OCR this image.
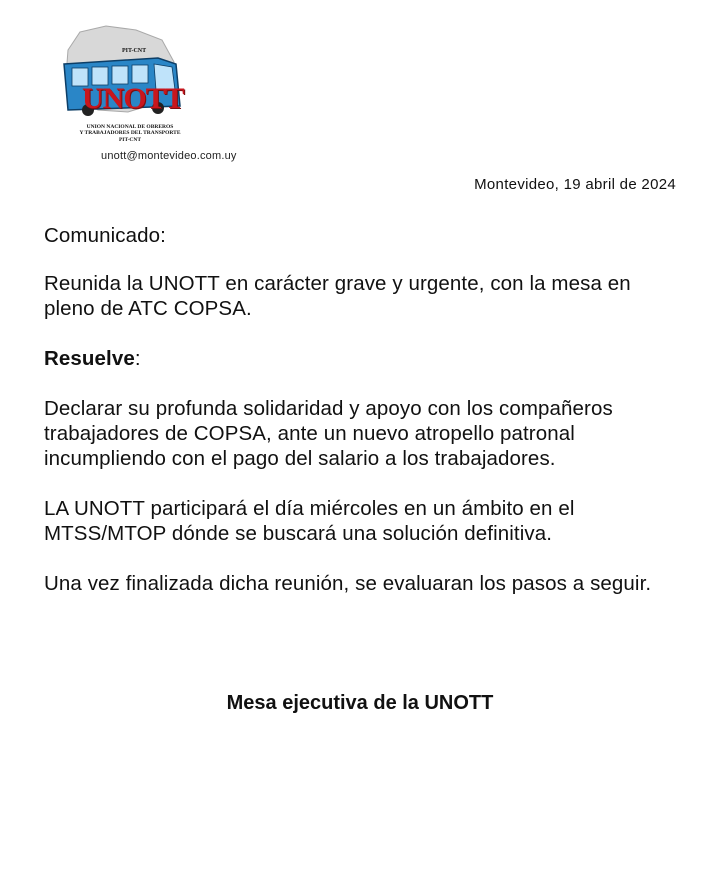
PIT-CNT
UNOTT
UNION NACIONAL DE OBREROS
Y TRABAJADORES DEL TRANSPORTE
PIT-CNT
unott@montevideo.com.uy
Montevideo, 19 abril de 2024

Comunicado:

Reunida la UNOTT en carácter grave y urgente, con la mesa en pleno de ATC COPSA.

Resuelve:

Declarar su profunda solidaridad y apoyo con los compañeros trabajadores de COPSA, ante un nuevo atropello patronal incumpliendo con el pago del salario a los trabajadores.

LA UNOTT participará el día miércoles en un ámbito en el MTSS/MTOP dónde se buscará una solución definitiva.

Una vez finalizada dicha reunión, se evaluaran los pasos a seguir.

Mesa ejecutiva de la UNOTT
